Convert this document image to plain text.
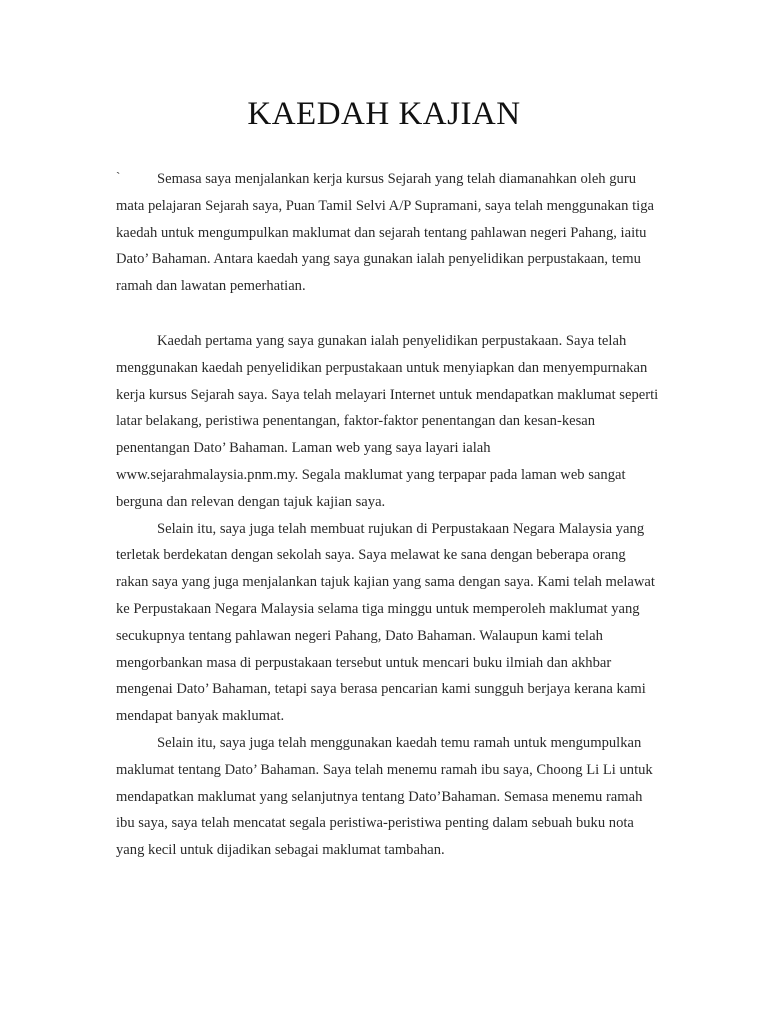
KAEDAH KAJIAN

`	Semasa saya menjalankan kerja kursus Sejarah yang telah diamanahkan oleh guru mata pelajaran Sejarah saya, Puan Tamil Selvi A/P Supramani, saya telah menggunakan tiga kaedah untuk mengumpulkan maklumat dan sejarah tentang pahlawan negeri Pahang, iaitu Dato’ Bahaman. Antara kaedah yang saya gunakan ialah penyelidikan perpustakaan, temu ramah dan lawatan pemerhatian.

Kaedah pertama yang saya gunakan ialah penyelidikan perpustakaan. Saya telah menggunakan kaedah penyelidikan perpustakaan untuk menyiapkan dan menyempurnakan kerja kursus Sejarah saya. Saya telah melayari Internet untuk mendapatkan maklumat seperti latar belakang, peristiwa penentangan, faktor-faktor penentangan dan kesan-kesan penentangan Dato’ Bahaman. Laman web yang saya layari ialah www.sejarahmalaysia.pnm.my. Segala maklumat yang terpapar pada laman web sangat berguna dan relevan dengan tajuk kajian saya.

Selain itu, saya juga telah membuat rujukan di Perpustakaan Negara Malaysia yang terletak berdekatan dengan sekolah saya. Saya melawat ke sana dengan beberapa orang rakan saya yang juga menjalankan tajuk kajian yang sama dengan saya. Kami telah melawat ke Perpustakaan Negara Malaysia selama tiga minggu untuk memperoleh maklumat yang secukupnya tentang pahlawan negeri Pahang, Dato Bahaman. Walaupun kami telah mengorbankan masa di perpustakaan tersebut untuk mencari buku ilmiah dan akhbar mengenai Dato’ Bahaman, tetapi saya berasa pencarian kami sungguh berjaya kerana kami mendapat banyak maklumat.

Selain itu, saya juga telah menggunakan kaedah temu ramah untuk mengumpulkan maklumat tentang Dato’ Bahaman. Saya telah menemu ramah ibu saya, Choong Li Li untuk mendapatkan maklumat yang selanjutnya tentang Dato’Bahaman. Semasa menemu ramah ibu saya, saya telah mencatat segala peristiwa-peristiwa penting dalam sebuah buku nota yang kecil untuk dijadikan sebagai maklumat tambahan.
